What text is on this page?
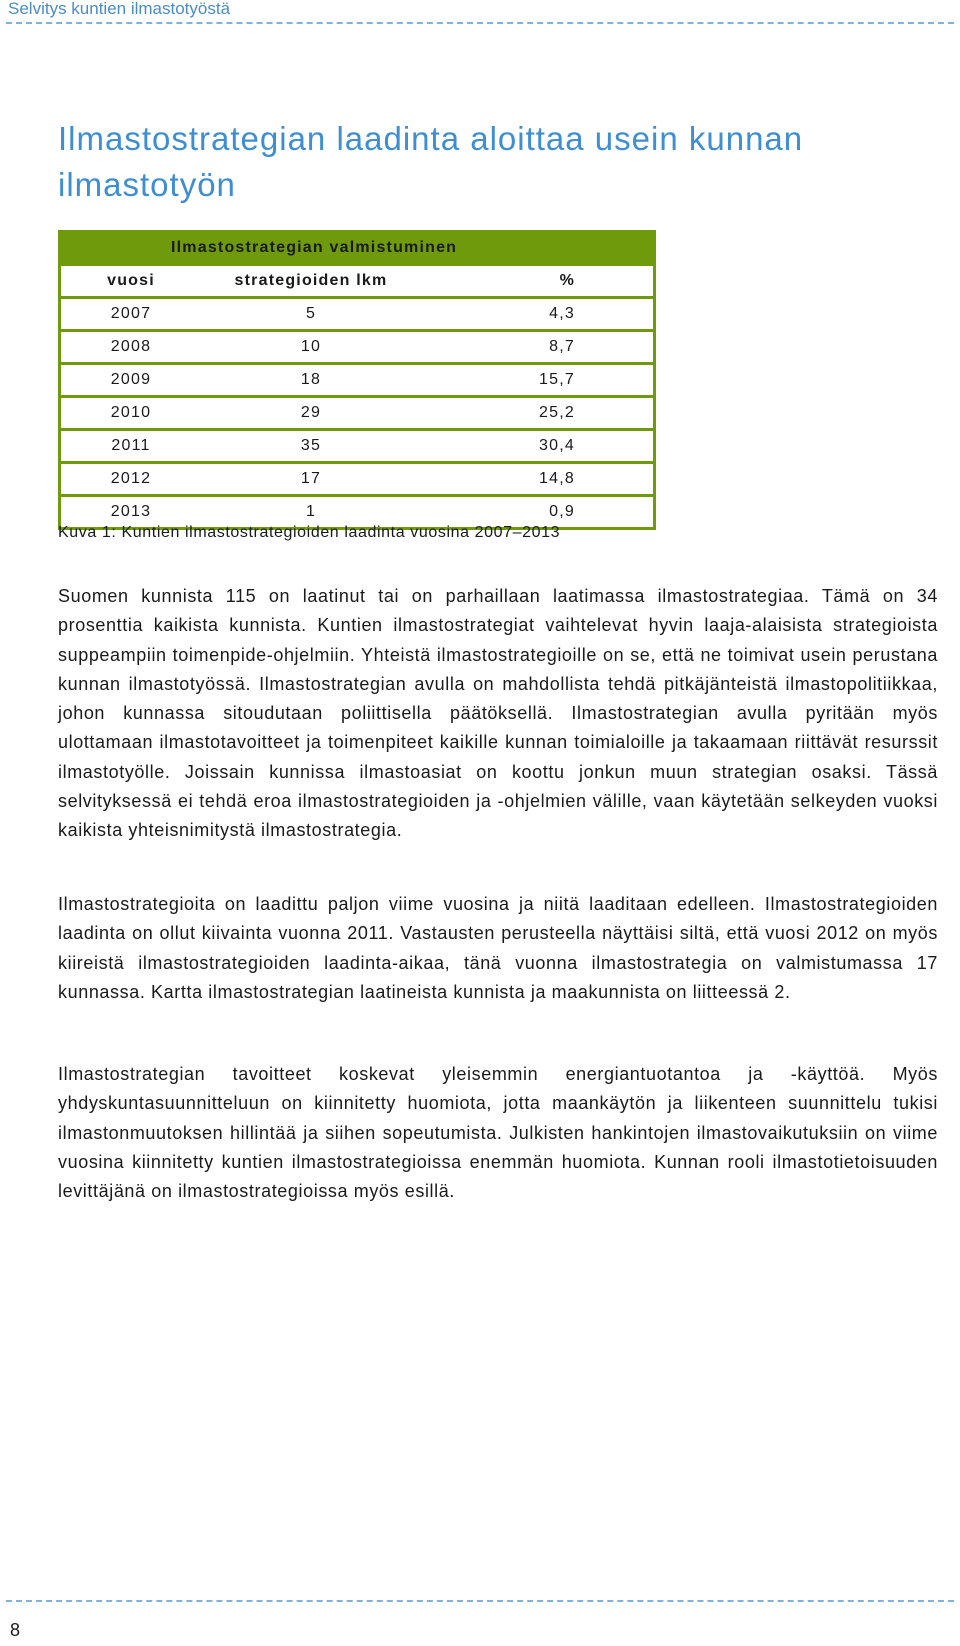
Selvitys kuntien ilmastotyöstä
Ilmastostrategian laadinta aloittaa usein kunnan ilmastotyön
Ilmastostrategian valmistuminen		
vuosi	strategioiden lkm	%
2007	5	4,3
2008	10	8,7
2009	18	15,7
2010	29	25,2
2011	35	30,4
2012	17	14,8
2013	1	0,9

Kuva 1: Kuntien ilmastostrategioiden laadinta vuosina 2007–2013

Suomen kunnista 115 on laatinut tai on parhaillaan laatimassa ilmastostrategiaa. Tämä on 34 prosenttia kaikista kunnista. Kuntien ilmastostrategiat vaihtelevat hyvin laaja-alaisista strategioista suppeampiin toimenpide-ohjelmiin. Yhteistä ilmastostrategioille on se, että ne toimivat usein perustana kunnan ilmastotyössä. Ilmastostrategian avulla on mahdollista tehdä pitkäjänteistä ilmastopolitiikkaa, johon kunnassa sitoudutaan poliittisella päätöksellä. Ilmastostrategian avulla pyritään myös ulottamaan ilmastotavoitteet ja toimenpiteet kaikille kunnan toimialoille ja takaamaan riittävät resurssit ilmastotyölle. Joissain kunnissa ilmastoasiat on koottu jonkun muun strategian osaksi. Tässä selvityksessä ei tehdä eroa ilmastostrategioiden ja -ohjelmien välille, vaan käytetään selkeyden vuoksi kaikista yhteisnimitystä ilmastostrategia.

Ilmastostrategioita on laadittu paljon viime vuosina ja niitä laaditaan edelleen. Ilmastostrategioiden laadinta on ollut kiivainta vuonna 2011. Vastausten perusteella näyttäisi siltä, että vuosi 2012 on myös kiireistä ilmastostrategioiden laadinta-aikaa, tänä vuonna ilmastostrategia on valmistumassa 17 kunnassa. Kartta ilmastostrategian laatineista kunnista ja maakunnista on liitteessä 2.

Ilmastostrategian tavoitteet koskevat yleisemmin energiantuotantoa ja -käyttöä. Myös yhdyskuntasuunnitteluun on kiinnitetty huomiota, jotta maankäytön ja liikenteen suunnittelu tukisi ilmastonmuutoksen hillintää ja siihen sopeutumista. Julkisten hankintojen ilmastovaikutuksiin on viime vuosina kiinnitetty kuntien ilmastostrategioissa enemmän huomiota. Kunnan rooli ilmastotietoisuuden levittäjänä on ilmastostrategioissa myös esillä.

8
